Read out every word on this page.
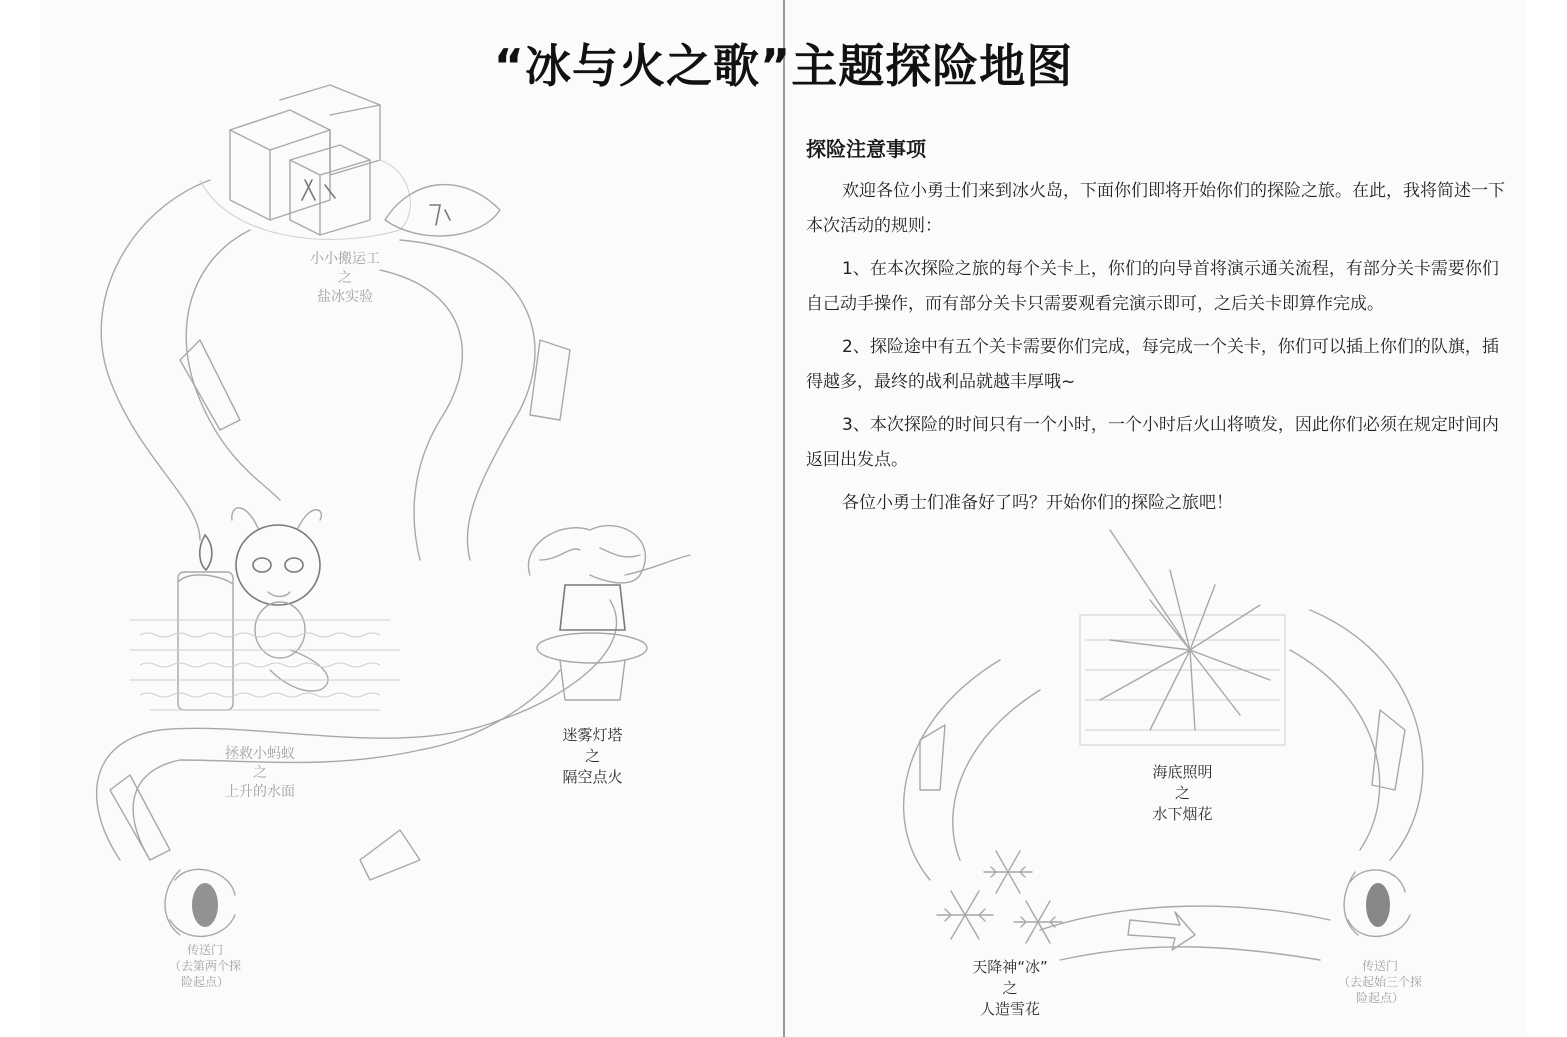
“冰与火之歌”主题探险地图
探险注意事项

欢迎各位小勇士们来到冰火岛，下面你们即将开始你们的探险之旅。在此，我将简述一下本次活动的规则：

1、在本次探险之旅的每个关卡上，你们的向导首将演示通关流程，有部分关卡需要你们自己动手操作，而有部分关卡只需要观看完演示即可，之后关卡即算作完成。

2、探险途中有五个关卡需要你们完成，每完成一个关卡，你们可以插上你们的队旗，插得越多，最终的战利品就越丰厚哦~

3、本次探险的时间只有一个小时，一个小时后火山将喷发，因此你们必须在规定时间内返回出发点。

各位小勇士们准备好了吗？开始你们的探险之旅吧！

小小搬运工
之
盐冰实验
拯救小蚂蚁
之
上升的水面
迷雾灯塔
之
隔空点火
传送门
（去第两个探
险起点）
海底照明
之
水下烟花
天降神“冰”
之
人造雪花
传送门
（去起始三个探
险起点）
